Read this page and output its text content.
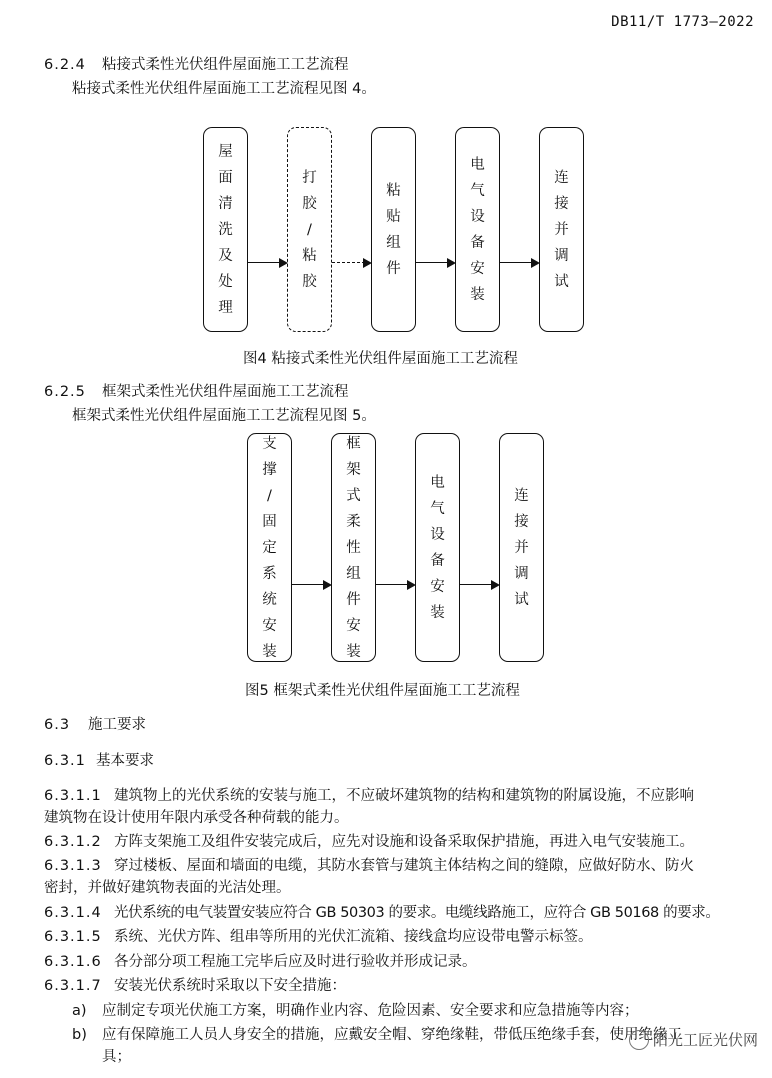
DB11/T 1773—2022
6.2.4 粘接式柔性光伏组件屋面施工工艺流程
粘接式柔性光伏组件屋面施工工艺流程见图 4。
屋
面
清
洗
及
处
理
打
胶
/
粘
胶
粘
贴
组
件
电
气
设
备
安
装
连
接
并
调
试
图4 粘接式柔性光伏组件屋面施工工艺流程
6.2.5 框架式柔性光伏组件屋面施工工艺流程
框架式柔性光伏组件屋面施工工艺流程见图 5。
支
撑
/
固
定
系
统
安
装
框
架
式
柔
性
组
件
安
装
电
气
设
备
安
装
连
接
并
调
试
图5 框架式柔性光伏组件屋面施工工艺流程
6.3 施工要求
6.3.1 基本要求
6.3.1.1 建筑物上的光伏系统的安装与施工，不应破坏建筑物的结构和建筑物的附属设施，不应影响
建筑物在设计使用年限内承受各种荷载的能力。
6.3.1.2 方阵支架施工及组件安装完成后，应先对设施和设备采取保护措施，再进入电气安装施工。
6.3.1.3 穿过楼板、屋面和墙面的电缆，其防水套管与建筑主体结构之间的缝隙，应做好防水、防火
密封，并做好建筑物表面的光洁处理。
6.3.1.4 光伏系统的电气装置安装应符合 GB 50303 的要求。电缆线路施工，应符合 GB 50168 的要求。
6.3.1.5 系统、光伏方阵、组串等所用的光伏汇流箱、接线盒均应设带电警示标签。
6.3.1.6 各分部分项工程施工完毕后应及时进行验收并形成记录。
6.3.1.7 安装光伏系统时采取以下安全措施：
a) 应制定专项光伏施工方案，明确作业内容、危险因素、安全要求和应急措施等内容；
b) 应有保障施工人员人身安全的措施，应戴安全帽、穿绝缘鞋，带低压绝缘手套，使用绝缘工
具；
阳光工匠光伏网
